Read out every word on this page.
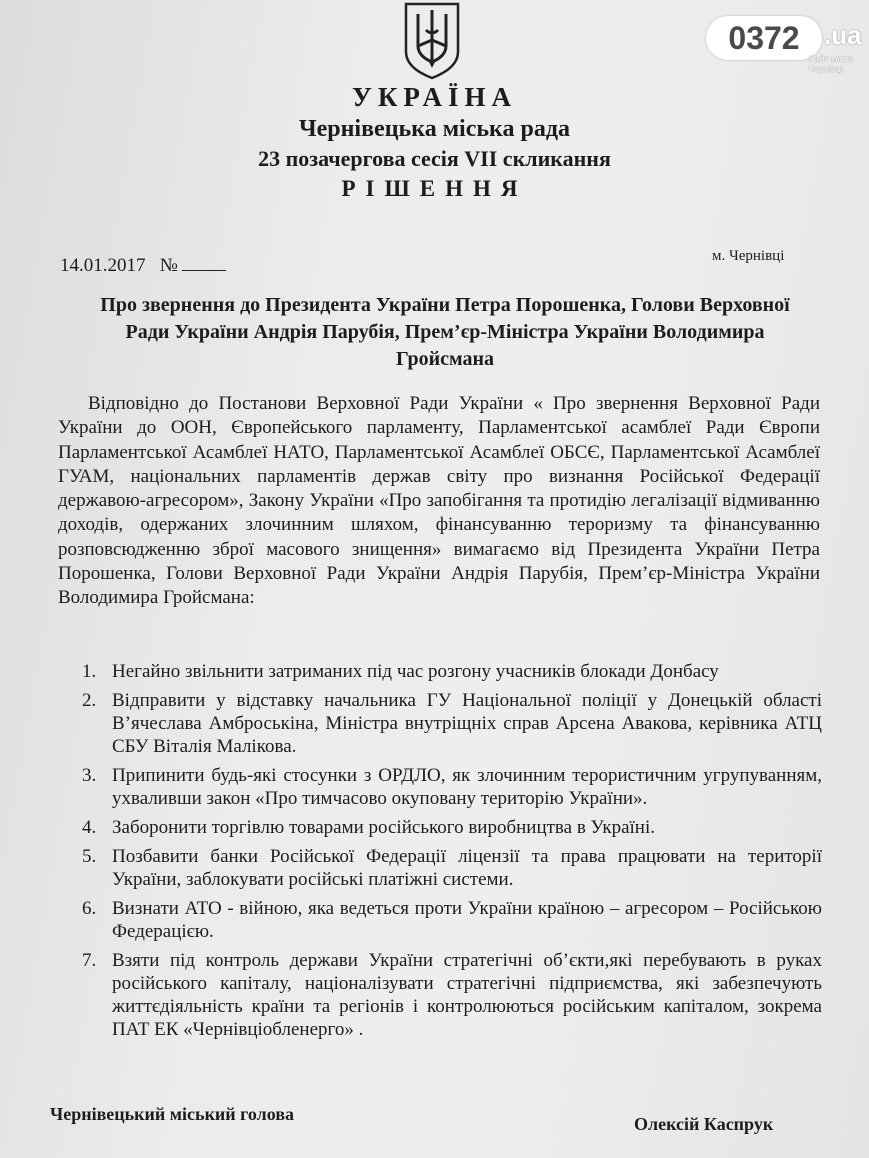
0372 .ua
Сайт міста Чернівці
УКРАЇНА
Чернівецька міська рада
23 позачергова сесія VII скликання
РІШЕННЯ
14.01.2017 №	м. Чернівці
Про звернення до Президента України Петра Порошенка, Голови Верховної Ради України Андрія Парубія, Прем’єр-Міністра України Володимира Гройсмана

Відповідно до Постанови Верховної Ради України « Про звернення Верховної Ради України до ООН, Європейського парламенту, Парламентської асамблеї Ради Європи Парламентської Асамблеї НАТО, Парламентської Асамблеї ОБСЄ, Парламентської Асамблеї ГУАМ, національних парламентів держав світу про визнання Російської Федерації державою-агресором», Закону України «Про запобігання та протидію легалізації відмиванню доходів, одержаних злочинним шляхом, фінансуванню тероризму та фінансуванню розповсюдженню зброї масового знищення» вимагаємо від Президента України Петра Порошенка, Голови Верховної Ради України Андрія Парубія, Прем’єр-Міністра України Володимира Гройсмана:

1. Негайно звільнити затриманих під час розгону учасників блокади Донбасу
2. Відправити у відставку начальника ГУ Національної поліції у Донецькій області В’ячеслава Амброськіна, Міністра внутріщніх справ Арсена Авакова, керівника АТЦ СБУ Віталія Малікова.
3. Припинити будь-які стосунки з ОРДЛО, як злочинним терористичним угрупуванням, ухваливши закон «Про тимчасово окуповану територію України».
4. Заборонити торгівлю товарами російського виробництва в Україні.
5. Позбавити банки Російської Федерації ліцензії та права працювати на території України, заблокувати російські платіжні системи.
6. Визнати АТО - війною, яка ведеться проти України країною – агресором – Російською Федерацією.
7. Взяти під контроль держави України стратегічні об’єкти,які перебувають в руках російського капіталу, націоналізувати стратегічні підприємства, які забезпечують життєдіяльність країни та регіонів і контролюються російським капіталом, зокрема ПАТ ЕК «Чернівціобленерго» .
Чернівецький міський голова	Олексій Каспрук
